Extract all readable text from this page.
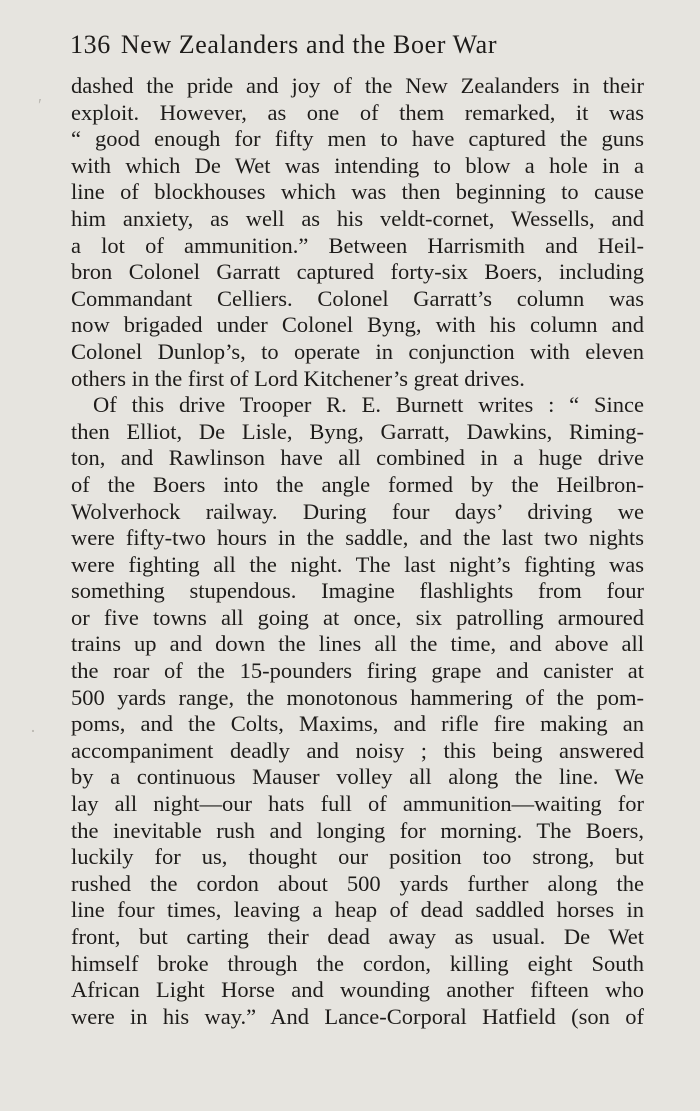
136 New Zealanders and the Boer War
′
·
dashed the pride and joy of the New Zealanders in their
exploit. However, as one of them remarked, it was
“ good enough for fifty men to have captured the guns
with which De Wet was intending to blow a hole in a
line of blockhouses which was then beginning to cause
him anxiety, as well as his veldt-cornet, Wessells, and
a lot of ammunition.” Between Harrismith and Heil-
bron Colonel Garratt captured forty-six Boers, including
Commandant Celliers. Colonel Garratt’s column was
now brigaded under Colonel Byng, with his column and
Colonel Dunlop’s, to operate in conjunction with eleven
others in the first of Lord Kitchener’s great drives.
Of this drive Trooper R. E. Burnett writes : “ Since
then Elliot, De Lisle, Byng, Garratt, Dawkins, Riming-
ton, and Rawlinson have all combined in a huge drive
of the Boers into the angle formed by the Heilbron-
Wolverhock railway. During four days’ driving we
were fifty-two hours in the saddle, and the last two nights
were fighting all the night. The last night’s fighting was
something stupendous. Imagine flashlights from four
or five towns all going at once, six patrolling armoured
trains up and down the lines all the time, and above all
the roar of the 15-pounders firing grape and canister at
500 yards range, the monotonous hammering of the pom-
poms, and the Colts, Maxims, and rifle fire making an
accompaniment deadly and noisy ; this being answered
by a continuous Mauser volley all along the line. We
lay all night—our hats full of ammunition—waiting for
the inevitable rush and longing for morning. The Boers,
luckily for us, thought our position too strong, but
rushed the cordon about 500 yards further along the
line four times, leaving a heap of dead saddled horses in
front, but carting their dead away as usual. De Wet
himself broke through the cordon, killing eight South
African Light Horse and wounding another fifteen who
were in his way.” And Lance-Corporal Hatfield (son of
